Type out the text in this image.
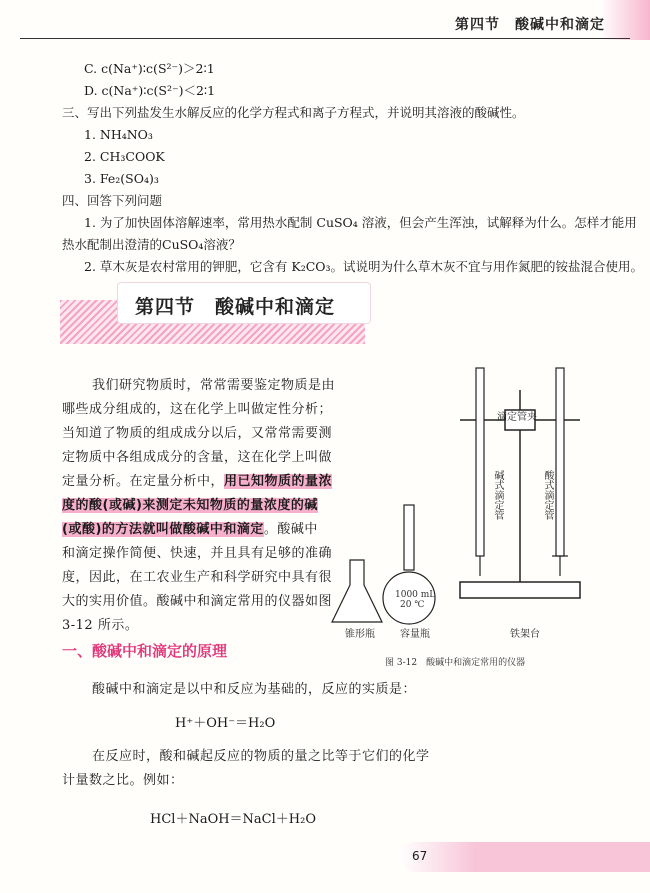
第四节　酸碱中和滴定
C. c(Na⁺)∶c(S²⁻)＞2∶1
D. c(Na⁺)∶c(S²⁻)＜2∶1
三、写出下列盐发生水解反应的化学方程式和离子方程式，并说明其溶液的酸碱性。
1. NH₄NO₃
2. CH₃COOK
3. Fe₂(SO₄)₃
四、回答下列问题
1. 为了加快固体溶解速率，常用热水配制 CuSO₄ 溶液，但会产生浑浊，试解释为什么。怎样才能用
热水配制出澄清的CuSO₄溶液？
2. 草木灰是农村常用的钾肥，它含有 K₂CO₃。试说明为什么草木灰不宜与用作氮肥的铵盐混合使用。
第四节　酸碱中和滴定
我们研究物质时，常常需要鉴定物质是由
哪些成分组成的，这在化学上叫做定性分析；
当知道了物质的组成成分以后，又常常需要测
定物质中各组成成分的含量，这在化学上叫做
定量分析。在定量分析中，用已知物质的量浓
度的酸(或碱)来测定未知物质的量浓度的碱
(或酸)的方法就叫做酸碱中和滴定。酸碱中
和滴定操作简便、快速，并且具有足够的准确
度，因此，在工农业生产和科学研究中具有很
大的实用价值。酸碱中和滴定常用的仪器如图
3-12 所示。
滴定管夹
碱式滴定管	酸式滴定管
1000 mL
20 ℃
锥形瓶	容量瓶	铁架台
图 3-12　酸碱中和滴定常用的仪器
一、酸碱中和滴定的原理
酸碱中和滴定是以中和反应为基础的，反应的实质是：
H⁺＋OH⁻＝H₂O
在反应时，酸和碱起反应的物质的量之比等于它们的化学
计量数之比。例如：
HCl＋NaOH＝NaCl＋H₂O
67
